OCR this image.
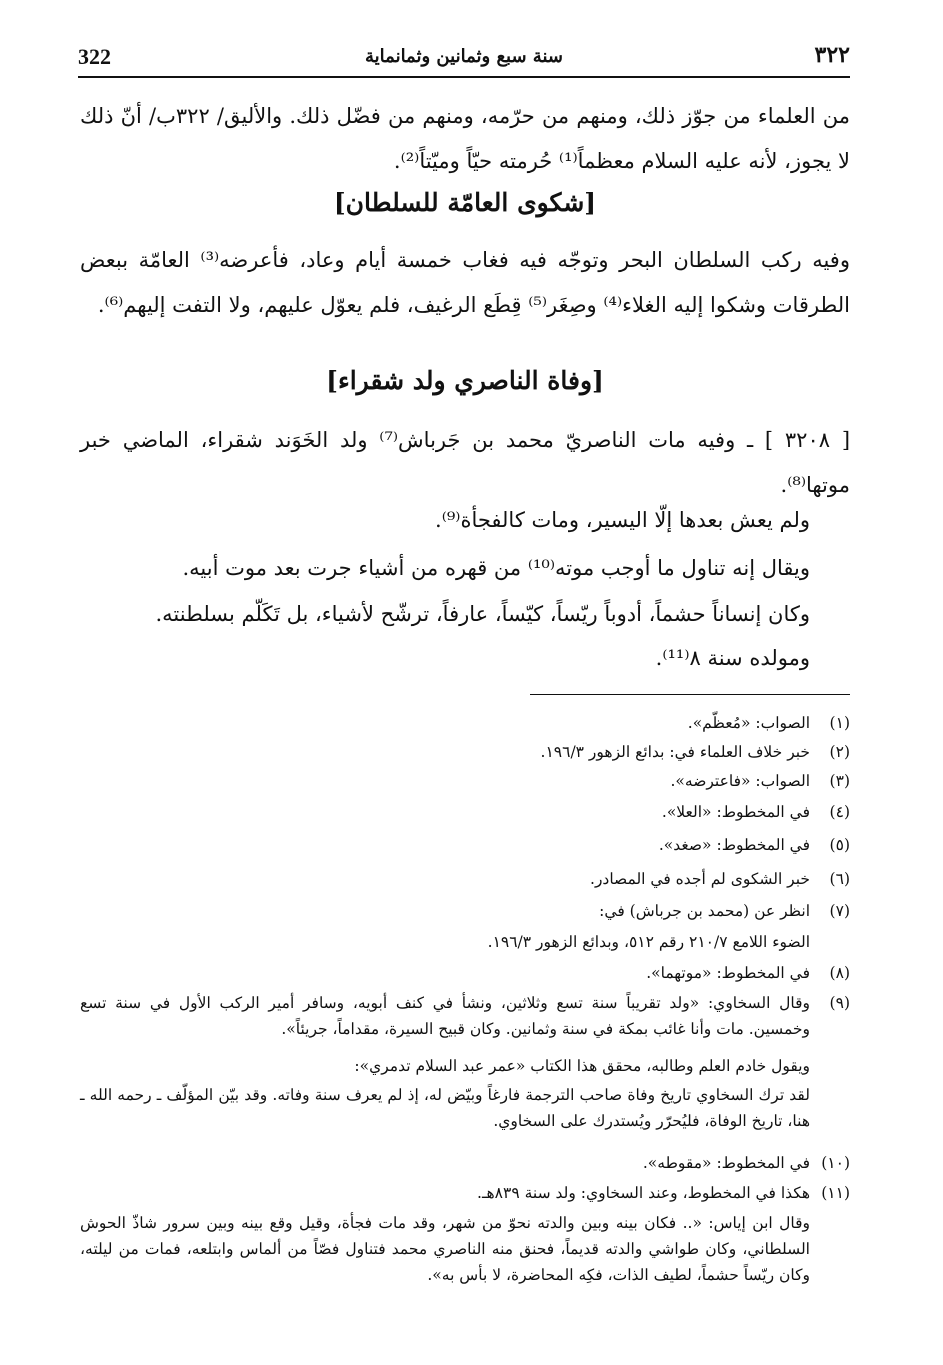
322	سنة سبع وثمانين وثمانماية	٣٢٢

من العلماء من جوّز ذلك، ومنهم من حرّمه، ومنهم من فضّل ذلك. والأليق/ ٣٢٢ب/ أنّ ذلك لا يجوز، لأنه عليه السلام معظماً⁽¹⁾ حُرمته حيّاً وميّتاً⁽²⁾.

[شكوى العامّة للسلطان]

وفيه ركب السلطان البحر وتوجّه فيه فغاب خمسة أيام وعاد، فأعرضه⁽³⁾ العامّة ببعض الطرقات وشكوا إليه الغلاء⁽⁴⁾ وصِغَر⁽⁵⁾ قِطَع الرغيف، فلم يعوّل عليهم، ولا التفت إليهم⁽⁶⁾.

[وفاة الناصري ولد شقراء]

[ ٣٢٠٨ ] ـ وفيه مات الناصريّ محمد بن جَرباش⁽⁷⁾ ولد الخَوَند شقراء، الماضي خبر موتها⁽⁸⁾.

ولم يعش بعدها إلّا اليسير، ومات كالفجأة⁽⁹⁾.

ويقال إنه تناول ما أوجب موته⁽¹⁰⁾ من قهره من أشياء جرت بعد موت أبيه.

وكان إنساناً حشماً، أدوباً ريّساً، كيّساً، عارفاً، ترشّح لأشياء، بل تَكَلّم بسلطنته.

ومولده سنة ٨⁽¹¹⁾.

(١)
الصواب: «مُعظّم».
(٢)
خبر خلاف العلماء في: بدائع الزهور ١٩٦/٣.
(٣)
الصواب: «فاعترضه».
(٤)
في المخطوط: «العلا».
(٥)
في المخطوط: «صغد».
(٦)
خبر الشكوى لم أجده في المصادر.
(٧)
انظر عن (محمد بن جرباش) في:
الضوء اللامع ٢١٠/٧ رقم ٥١٢، وبدائع الزهور ١٩٦/٣.
(٨)
في المخطوط: «موتهما».
(٩)
وقال السخاوي: «ولد تقريباً سنة تسع وثلاثين، ونشأ في كنف أبويه، وسافر أمير الركب الأول في سنة تسع وخمسين. مات وأنا غائب بمكة في سنة وثمانين. وكان قبيح السيرة، مقداماً، جريئاً».
ويقول خادم العلم وطالبه، محقق هذا الكتاب «عمر عبد السلام تدمري»:
لقد ترك السخاوي تاريخ وفاة صاحب الترجمة فارغاً وبيّض له، إذ لم يعرف سنة وفاته. وقد بيّن المؤلّف ـ رحمه الله ـ هنا، تاريخ الوفاة، فليُحرّر ويُستدرك على السخاوي.
(١٠)
في المخطوط: «مقوطه».
(١١)
هكذا في المخطوط، وعند السخاوي: ولد سنة ٨٣٩هـ.
وقال ابن إياس: «.. فكان بينه وبين والدته نحوّ من شهر، وقد مات فجأة، وقيل وقع بينه وبين سرور شاذّ الحوش السلطاني، وكان طواشي والدته قديماً، فحنق منه الناصري محمد فتناول فصّاً من ألماس وابتلعه، فمات من ليلته، وكان ريّساً حشماً، لطيف الذات، فكِه المحاضرة، لا بأس به».
